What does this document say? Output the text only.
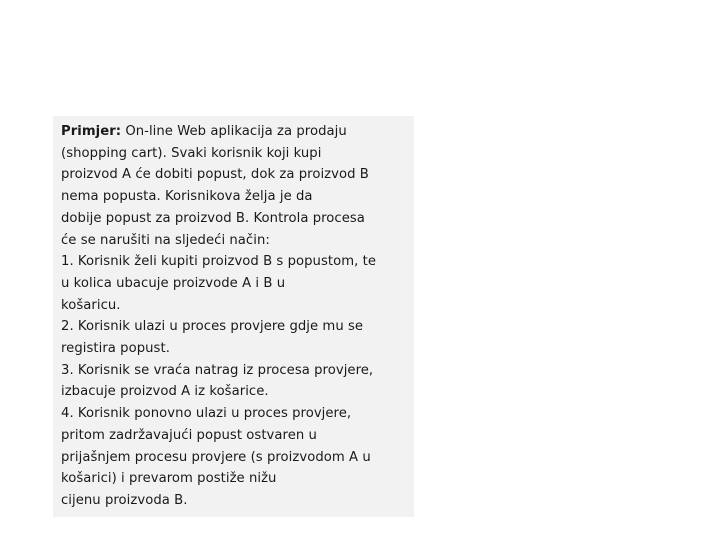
Primjer: On-line Web aplikacija za prodaju
(shopping cart). Svaki korisnik koji kupi
proizvod A će dobiti popust, dok za proizvod B
nema popusta. Korisnikova želja je da
dobije popust za proizvod B. Kontrola procesa
će se narušiti na sljedeći način:
1. Korisnik želi kupiti proizvod B s popustom, te
u kolica ubacuje proizvode A i B u
košaricu.
2. Korisnik ulazi u proces provjere gdje mu se
registira popust.
3. Korisnik se vraća natrag iz procesa provjere,
izbacuje proizvod A iz košarice.
4. Korisnik ponovno ulazi u proces provjere,
pritom zadržavajući popust ostvaren u
prijašnjem procesu provjere (s proizvodom A u
košarici) i prevarom postiže nižu
cijenu proizvoda B.
